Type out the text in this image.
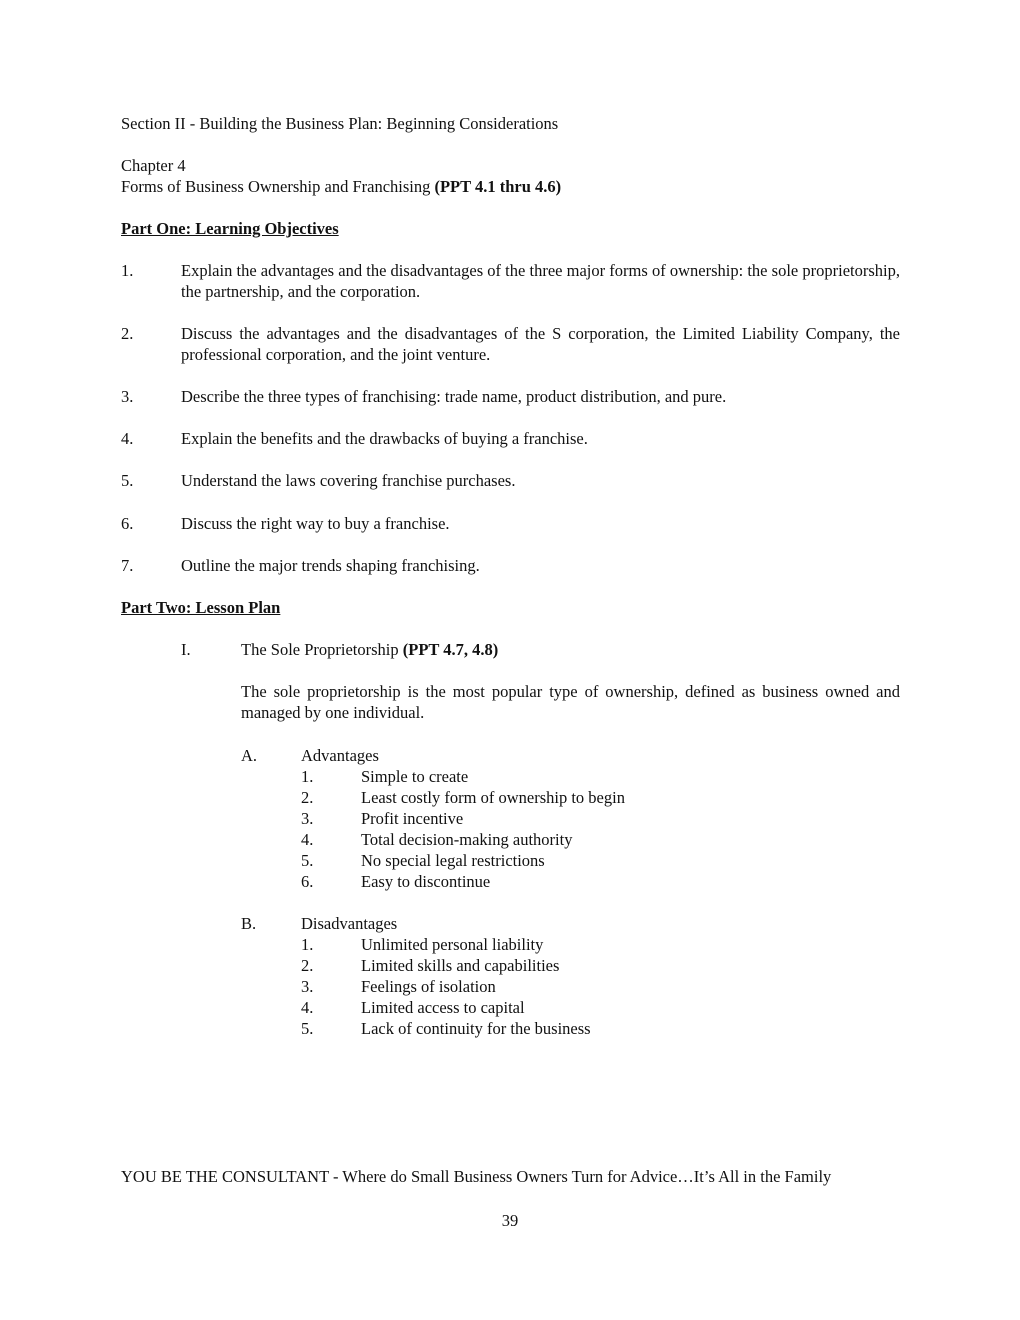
Section II - Building the Business Plan: Beginning Considerations
Chapter 4
Forms of Business Ownership and Franchising (PPT 4.1 thru 4.6)
Part One: Learning Objectives
1.	Explain the advantages and the disadvantages of the three major forms of ownership: the sole proprietorship, the partnership, and the corporation.
2.	Discuss the advantages and the disadvantages of the S corporation, the Limited Liability Company, the professional corporation, and the joint venture.
3.	Describe the three types of franchising: trade name, product distribution, and pure.
4.	Explain the benefits and the drawbacks of buying a franchise.
5.	Understand the laws covering franchise purchases.
6.	Discuss the right way to buy a franchise.
7.	Outline the major trends shaping franchising.
Part Two: Lesson Plan
I.	The Sole Proprietorship (PPT 4.7, 4.8)
The sole proprietorship is the most popular type of ownership, defined as business owned and managed by one individual.
A.	Advantages
1.	Simple to create
2.	Least costly form of ownership to begin
3.	Profit incentive
4.	Total decision-making authority
5.	No special legal restrictions
6.	Easy to discontinue
B.	Disadvantages
1.	Unlimited personal liability
2.	Limited skills and capabilities
3.	Feelings of isolation
4.	Limited access to capital
5.	Lack of continuity for the business
YOU BE THE CONSULTANT - Where do Small Business Owners Turn for Advice…It’s All in the Family
39
